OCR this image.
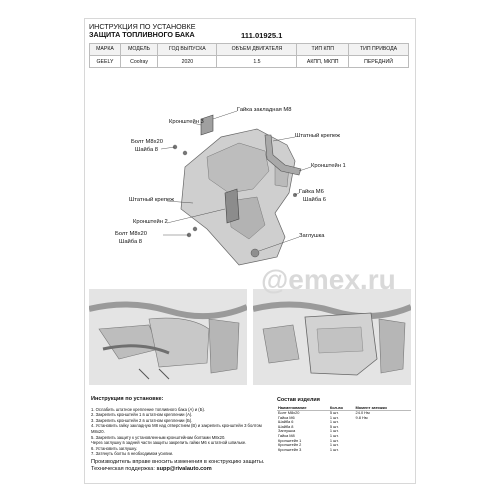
ИНСТРУКЦИЯ ПО УСТАНОВКЕ
ЗАЩИТА ТОПЛИВНОГО БАКА	111.01925.1
МАРКА	МОДЕЛЬ	ГОД ВЫПУСКА	ОБЪЕМ ДВИГАТЕЛЯ	ТИП КПП	ТИП ПРИВОДА
GEELY	Coolray	2020	1.5	АКПП, МКПП	ПЕРЕДНИЙ
Кронштейн 3
Гайка закладная М8
Болт М8х20
Шайба 8
Штатный крепеж
Кронштейн 1
Штатный крепеж
Гайка М6
Шайба 6
Кронштейн 2
Болт М8х20
Шайба 8
Заглушка
@emex.ru
Инструкция по установке:
1. Ослабить штатное крепление топливного бака (А) и (Б).
2. Закрепить кронштейн 1 в штатном креплении (А).
3. Закрепить кронштейн 2 в штатном креплении (Б).
4. Установить гайку закладную М8 над отверстием (В) и закрепить кронштейн 3 болтом М8х20.
5. Закрепить защиту к установленным кронштейнам болтами М8х20.
Через заглушку в задней части защиты закрепить гайки М6 к штатной шпильке.
6. Установить заглушку.
7. Затянуть болты в необходимом усилии.
Состав изделия
Наименование	Кол-во	Момент затяжки
Болт М8х20	5 шт.	24.0 Нм
Гайка М6	1 шт.	9.8 Нм
Шайба 6	1 шт.	
Шайба 8	5 шт.	
Заглушка	1 шт.	
Гайка М8	1 шт.	
Кронштейн 1	1 шт.	
Кронштейн 2	1 шт.	
Кронштейн 3	1 шт.	
Производитель вправе вносить изменения в конструкцию защиты.
Техническая поддержка: supp@rivalauto.com
